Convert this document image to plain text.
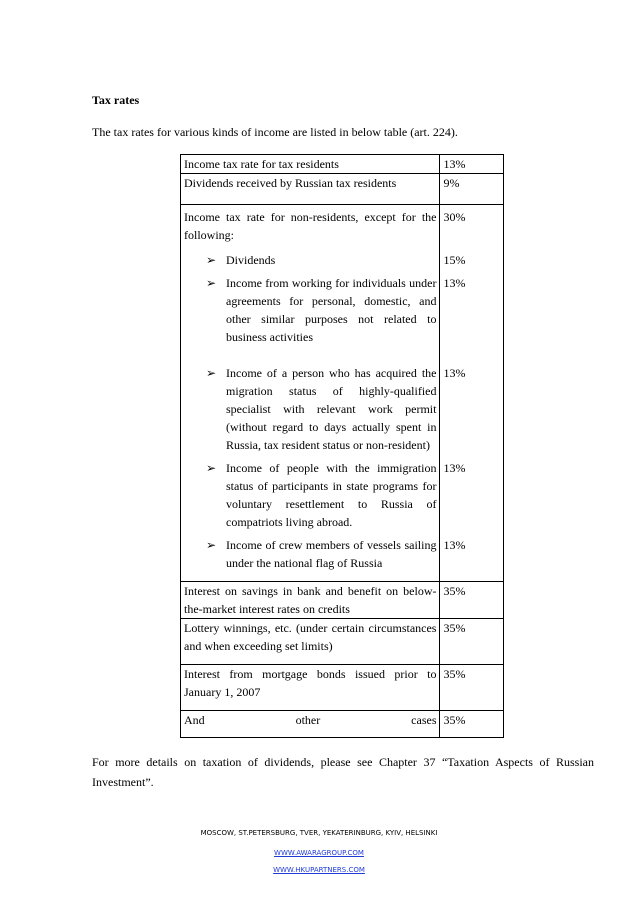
Tax rates
The tax rates for various kinds of income are listed in below table (art. 224).
Income tax rate for tax residents	13%
Dividends received by Russian tax residents	9%
Income tax rate for non-residents, except for the following:	30%

➢ Dividends	15%

➢ Income from working for individuals under agreements for personal, domestic, and other similar purposes not related to business activities	13%

➢ Income of a person who has acquired the migration status of highly-qualified specialist with relevant work permit (without regard to days actually spent in Russia, tax resident status or non-resident)	13%

➢ Income of people with the immigration status of participants in state programs for voluntary resettlement to Russia of compatriots living abroad.	13%

➢ Income of crew members of vessels sailing under the national flag of Russia	13%
Interest on savings in bank and benefit on below-the-market interest rates on credits	35%
Lottery winnings, etc. (under certain circumstances and when exceeding set limits)	35%
Interest from mortgage bonds issued prior to January 1, 2007	35%
And other cases	35%
For more details on taxation of dividends, please see Chapter 37 “Taxation Aspects of Russian Investment”.
MOSCOW, ST.PETERSBURG, TVER, YEKATERINBURG, KYIV, HELSINKI
WWW.AWARAGROUP.COM
WWW.HKUPARTNERS.COM
